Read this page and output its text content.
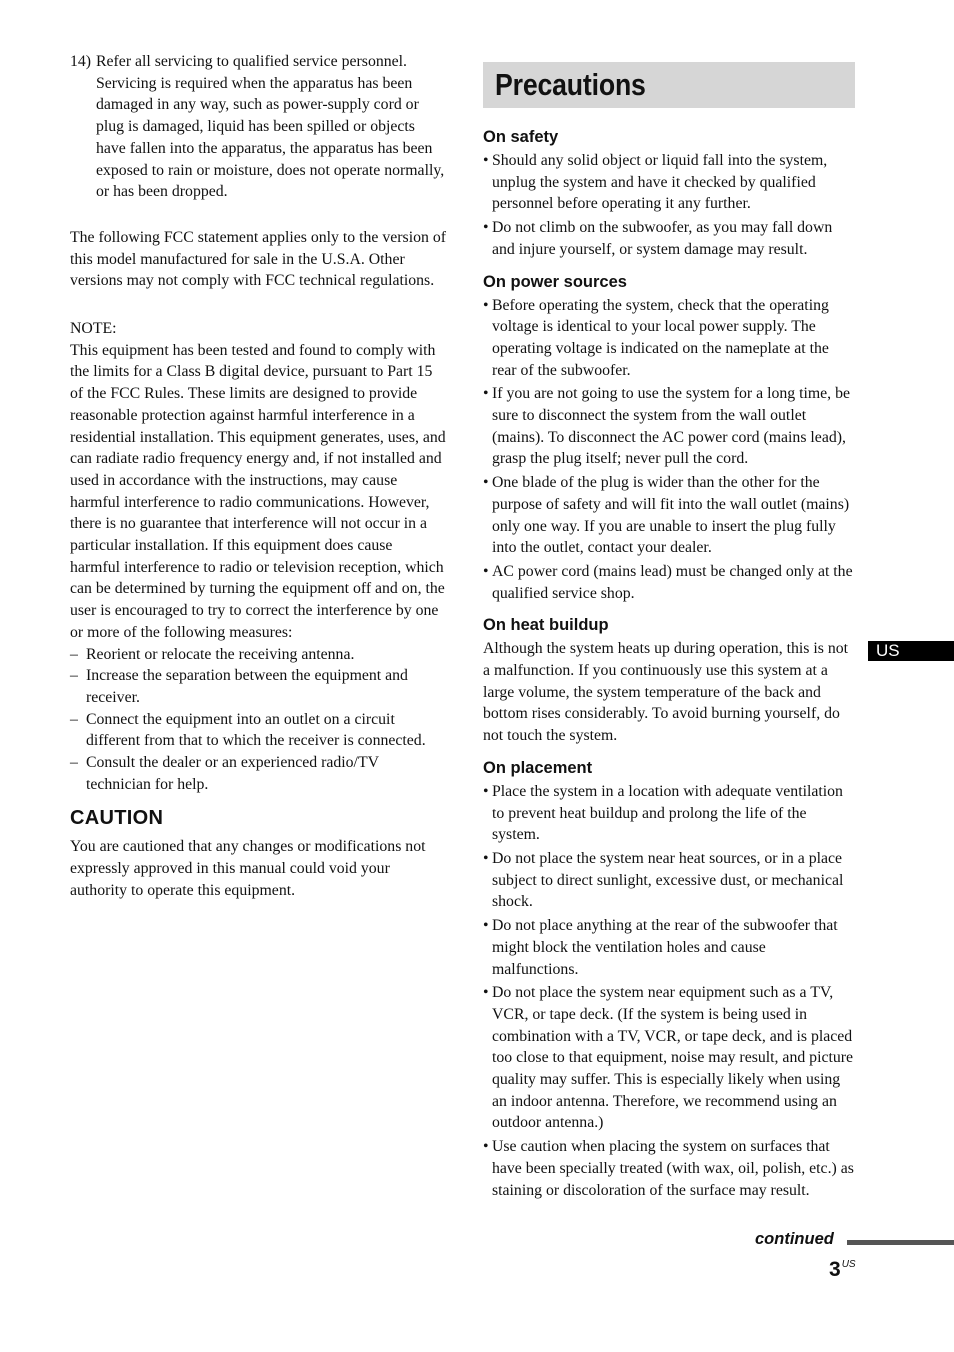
14) Refer all servicing to qualified service personnel. Servicing is required when the apparatus has been damaged in any way, such as power-supply cord or plug is damaged, liquid has been spilled or objects have fallen into the apparatus, the apparatus has been exposed to rain or moisture, does not operate normally, or has been dropped.

The following FCC statement applies only to the version of this model manufactured for sale in the U.S.A. Other versions may not comply with FCC technical regulations.

NOTE:

This equipment has been tested and found to comply with the limits for a Class B digital device, pursuant to Part 15 of the FCC Rules. These limits are designed to provide reasonable protection against harmful interference in a residential installation. This equipment generates, uses, and can radiate radio frequency energy and, if not installed and used in accordance with the instructions, may cause harmful interference to radio communications. However, there is no guarantee that interference will not occur in a particular installation. If this equipment does cause harmful interference to radio or television reception, which can be determined by turning the equipment off and on, the user is encouraged to try to correct the interference by one or more of the following measures:

– Reorient or relocate the receiving antenna.
– Increase the separation between the equipment and receiver.
– Connect the equipment into an outlet on a circuit different from that to which the receiver is connected.
– Consult the dealer or an experienced radio/TV technician for help.
CAUTION

You are cautioned that any changes or modifications not expressly approved in this manual could void your authority to operate this equipment.

Precautions
On safety
• Should any solid object or liquid fall into the system, unplug the system and have it checked by qualified personnel before operating it any further.
• Do not climb on the subwoofer, as you may fall down and injure yourself, or system damage may result.
On power sources
• Before operating the system, check that the operating voltage is identical to your local power supply. The operating voltage is indicated on the nameplate at the rear of the subwoofer.
• If you are not going to use the system for a long time, be sure to disconnect the system from the wall outlet (mains). To disconnect the AC power cord (mains lead), grasp the plug itself; never pull the cord.
• One blade of the plug is wider than the other for the purpose of safety and will fit into the wall outlet (mains) only one way. If you are unable to insert the plug fully into the outlet, contact your dealer.
• AC power cord (mains lead) must be changed only at the qualified service shop.
On heat buildup

Although the system heats up during operation, this is not a malfunction. If you continuously use this system at a large volume, the system temperature of the back and bottom rises considerably. To avoid burning yourself, do not touch the system.

On placement
• Place the system in a location with adequate ventilation to prevent heat buildup and prolong the life of the system.
• Do not place the system near heat sources, or in a place subject to direct sunlight, excessive dust, or mechanical shock.
• Do not place anything at the rear of the subwoofer that might block the ventilation holes and cause malfunctions.
• Do not place the system near equipment such as a TV, VCR, or tape deck. (If the system is being used in combination with a TV, VCR, or tape deck, and is placed too close to that equipment, noise may result, and picture quality may suffer. This is especially likely when using an indoor antenna. Therefore, we recommend using an outdoor antenna.)
• Use caution when placing the system on surfaces that have been specially treated (with wax, oil, polish, etc.) as staining or discoloration of the surface may result.
US
continued
$3^{US}$
